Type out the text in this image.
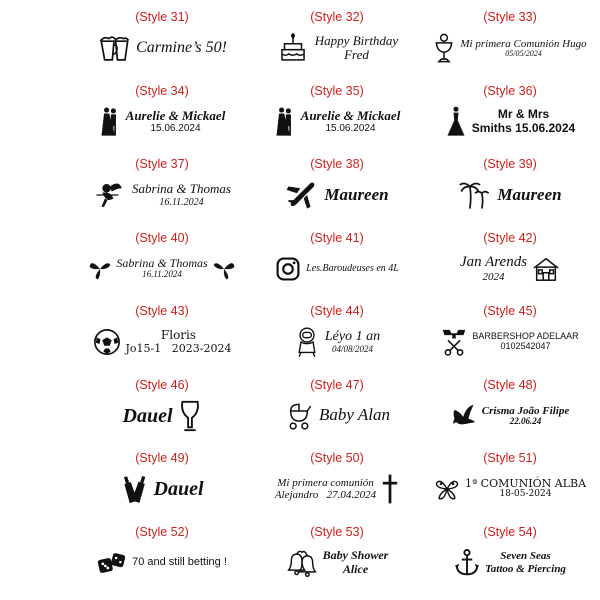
(Style 31)
Carmine’s 50!
(Style 32)
Happy Birthday
Fred
(Style 33)
Mi primera Comunión Hugo
05/05/2024
(Style 34)
Aurelie & Mickael
15.06.2024
(Style 35)
Aurelie & Mickael
15.06.2024
(Style 36)
Mr & Mrs
Smiths 15.06.2024
(Style 37)
Sabrina & Thomas
16.11.2024
(Style 38)
Maureen
(Style 39)
Maureen
(Style 40)
Sabrina & Thomas
16.11.2024
(Style 41)
Les.Baroudeuses en 4L
(Style 42)
Jan Arends
2024
(Style 43)
Floris
Jo15-1   2023-2024
(Style 44)
Léyo 1 an
04/08/2024
(Style 45)
BARBERSHOP ADELAAR
0102542047
(Style 46)
Dauel
(Style 47)
Baby Alan
(Style 48)
Crisma João Filipe
22.06.24
(Style 49)
Dauel
(Style 50)
Mi primera comunión
Alejandro   27.04.2024
(Style 51)
1ª COMUNIÓN ALBA
18-05-2024
(Style 52)
70 and still betting !
(Style 53)
Baby Shower
Alice
(Style 54)
Seven Seas
Tattoo & Piercing
